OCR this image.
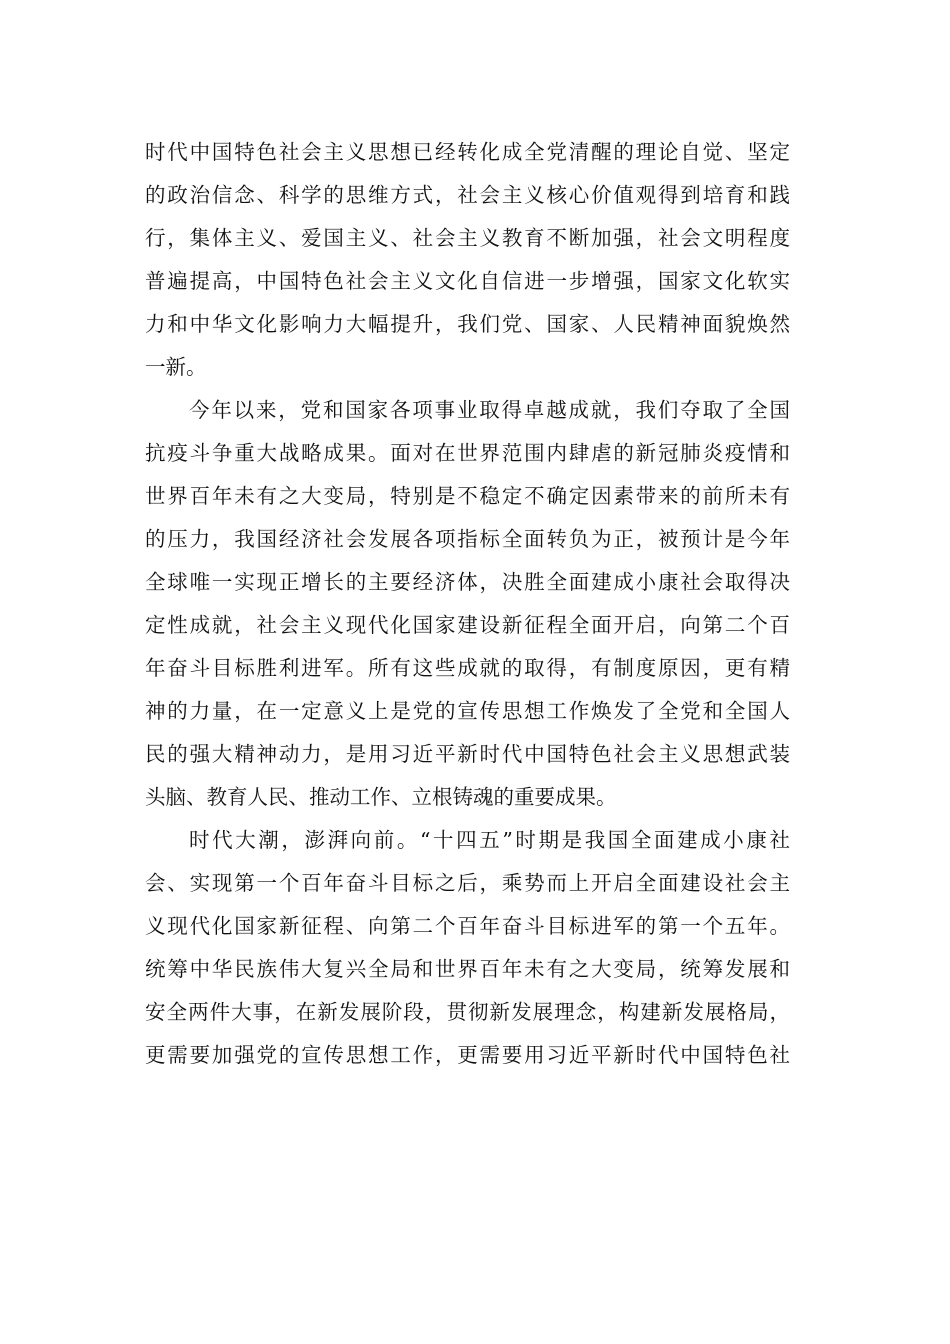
时代中国特色社会主义思想已经转化成全党清醒的理论自觉、坚定
的政治信念、科学的思维方式，社会主义核心价值观得到培育和践
行，集体主义、爱国主义、社会主义教育不断加强，社会文明程度
普遍提高，中国特色社会主义文化自信进一步增强，国家文化软实
力和中华文化影响力大幅提升，我们党、国家、人民精神面貌焕然
一新。
今年以来，党和国家各项事业取得卓越成就，我们夺取了全国
抗疫斗争重大战略成果。面对在世界范围内肆虐的新冠肺炎疫情和
世界百年未有之大变局，特别是不稳定不确定因素带来的前所未有
的压力，我国经济社会发展各项指标全面转负为正，被预计是今年
全球唯一实现正增长的主要经济体，决胜全面建成小康社会取得决
定性成就，社会主义现代化国家建设新征程全面开启，向第二个百
年奋斗目标胜利进军。所有这些成就的取得，有制度原因，更有精
神的力量，在一定意义上是党的宣传思想工作焕发了全党和全国人
民的强大精神动力，是用习近平新时代中国特色社会主义思想武装
头脑、教育人民、推动工作、立根铸魂的重要成果。
时代大潮，澎湃向前。“十四五”时期是我国全面建成小康社
会、实现第一个百年奋斗目标之后，乘势而上开启全面建设社会主
义现代化国家新征程、向第二个百年奋斗目标进军的第一个五年。
统筹中华民族伟大复兴全局和世界百年未有之大变局，统筹发展和
安全两件大事，在新发展阶段，贯彻新发展理念，构建新发展格局，
更需要加强党的宣传思想工作，更需要用习近平新时代中国特色社
